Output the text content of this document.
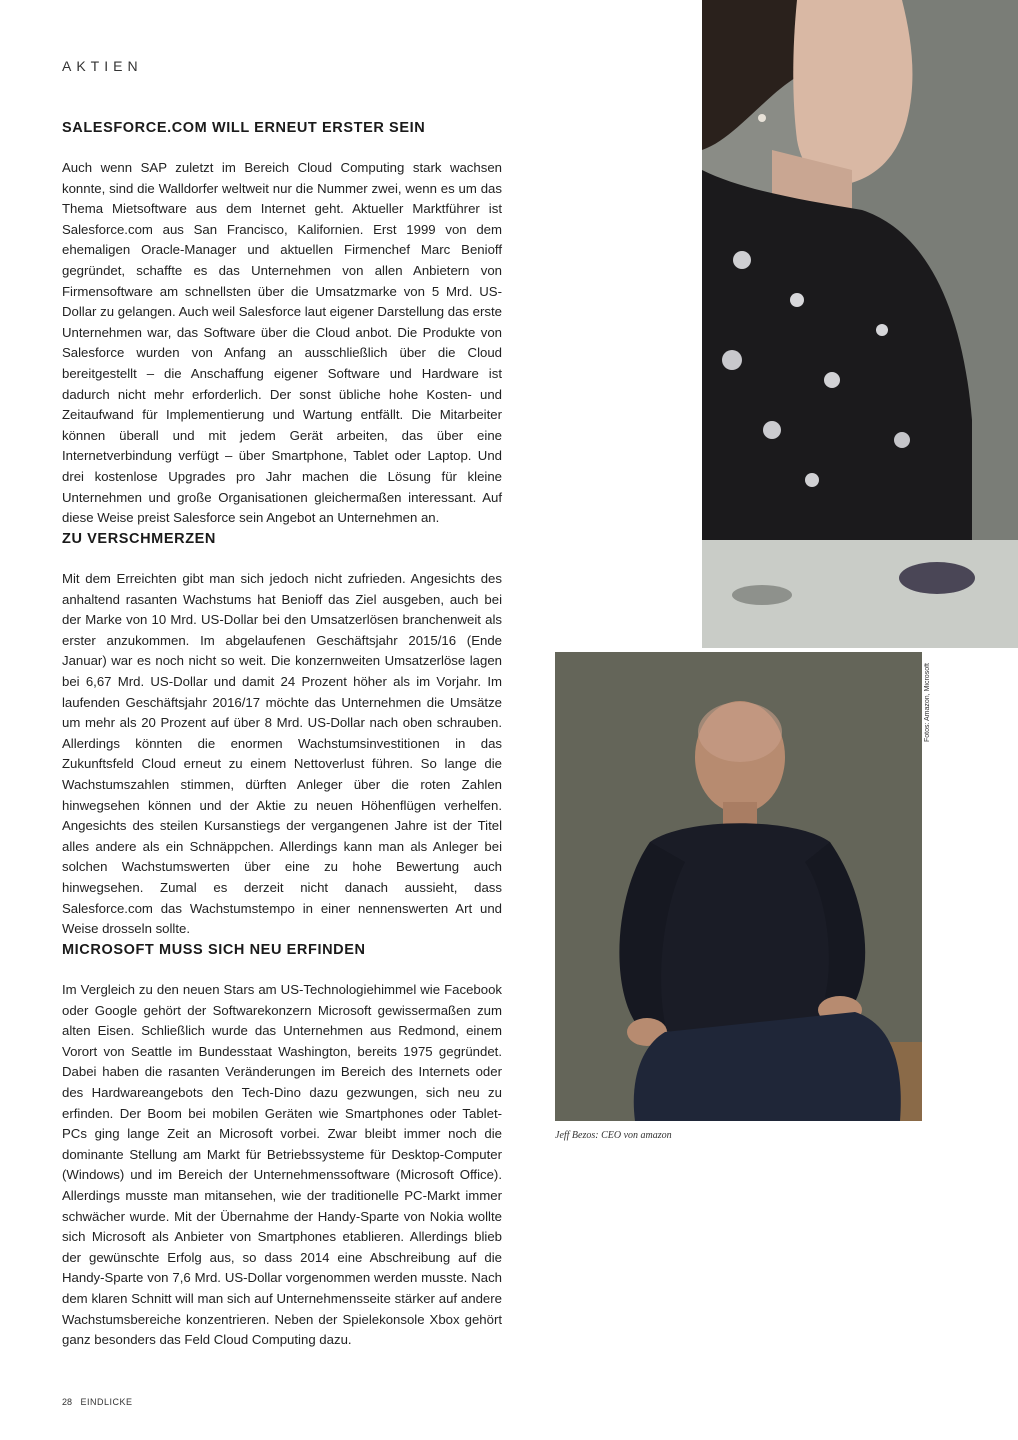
AKTIEN
SALESFORCE.COM WILL ERNEUT ERSTER SEIN

Auch wenn SAP zuletzt im Bereich Cloud Computing stark wachsen konnte, sind die Walldorfer weltweit nur die Nummer zwei, wenn es um das Thema Mietsoftware aus dem Internet geht. Aktueller Marktführer ist Salesforce.com aus San Francisco, Kalifornien. Erst 1999 von dem ehemaligen Oracle-Manager und aktuellen Firmenchef Marc Benioff gegründet, schaffte es das Unternehmen von allen Anbietern von Firmensoftware am schnellsten über die Umsatzmarke von 5 Mrd. US-Dollar zu gelangen. Auch weil Salesforce laut eigener Darstellung das erste Unternehmen war, das Software über die Cloud anbot. Die Produkte von Salesforce wurden von Anfang an ausschließlich über die Cloud bereitgestellt – die Anschaffung eigener Software und Hardware ist dadurch nicht mehr erforderlich. Der sonst übliche hohe Kosten- und Zeitaufwand für Implementierung und Wartung entfällt. Die Mitarbeiter können überall und mit jedem Gerät arbeiten, das über eine Internetverbindung verfügt – über Smartphone, Tablet oder Laptop. Und drei kostenlose Upgrades pro Jahr machen die Lösung für kleine Unternehmen und große Organisationen gleichermaßen interessant. Auf diese Weise preist Salesforce sein Angebot an Unternehmen an.

ZU VERSCHMERZEN

Mit dem Erreichten gibt man sich jedoch nicht zufrieden. Angesichts des anhaltend rasanten Wachstums hat Benioff das Ziel ausgeben, auch bei der Marke von 10 Mrd. US-Dollar bei den Umsatzerlösen branchenweit als erster anzukommen. Im abgelaufenen Geschäftsjahr 2015/16 (Ende Januar) war es noch nicht so weit. Die konzernweiten Umsatzerlöse lagen bei 6,67 Mrd. US-Dollar und damit 24 Prozent höher als im Vorjahr. Im laufenden Geschäftsjahr 2016/17 möchte das Unternehmen die Umsätze um mehr als 20 Prozent auf über 8 Mrd. US-Dollar nach oben schrauben. Allerdings könnten die enormen Wachstumsinvestitionen in das Zukunftsfeld Cloud erneut zu einem Nettoverlust führen. So lange die Wachstumszahlen stimmen, dürften Anleger über die roten Zahlen hinwegsehen können und der Aktie zu neuen Höhenflügen verhelfen. Angesichts des steilen Kursanstiegs der vergangenen Jahre ist der Titel alles andere als ein Schnäppchen. Allerdings kann man als Anleger bei solchen Wachstumswerten über eine zu hohe Bewertung auch hinwegsehen. Zumal es derzeit nicht danach aussieht, dass Salesforce.com das Wachstumstempo in einer nennenswerten Art und Weise drosseln sollte.

MICROSOFT MUSS SICH NEU ERFINDEN

Im Vergleich zu den neuen Stars am US-Technologiehimmel wie Facebook oder Google gehört der Softwarekonzern Microsoft gewissermaßen zum alten Eisen. Schließlich wurde das Unternehmen aus Redmond, einem Vorort von Seattle im Bundesstaat Washington, bereits 1975 gegründet. Dabei haben die rasanten Veränderungen im Bereich des Internets oder des Hardwareangebots den Tech-Dino dazu gezwungen, sich neu zu erfinden. Der Boom bei mobilen Geräten wie Smartphones oder Tablet-PCs ging lange Zeit an Microsoft vorbei. Zwar bleibt immer noch die dominante Stellung am Markt für Betriebssysteme für Desktop-Computer (Windows) und im Bereich der Unternehmenssoftware (Microsoft Office). Allerdings musste man mitansehen, wie der traditionelle PC-Markt immer schwächer wurde. Mit der Übernahme der Handy-Sparte von Nokia wollte sich Microsoft als Anbieter von Smartphones etablieren. Allerdings blieb der gewünschte Erfolg aus, so dass 2014 eine Abschreibung auf die Handy-Sparte von 7,6 Mrd. US-Dollar vorgenommen werden musste. Nach dem klaren Schnitt will man sich auf Unternehmensseite stärker auf andere Wachstumsbereiche konzentrieren. Neben der Spielekonsole Xbox gehört ganz besonders das Feld Cloud Computing dazu.

Fotos: Amazon, Microsoft
Jeff Bezos: CEO von amazon
28 EINDLICKE
